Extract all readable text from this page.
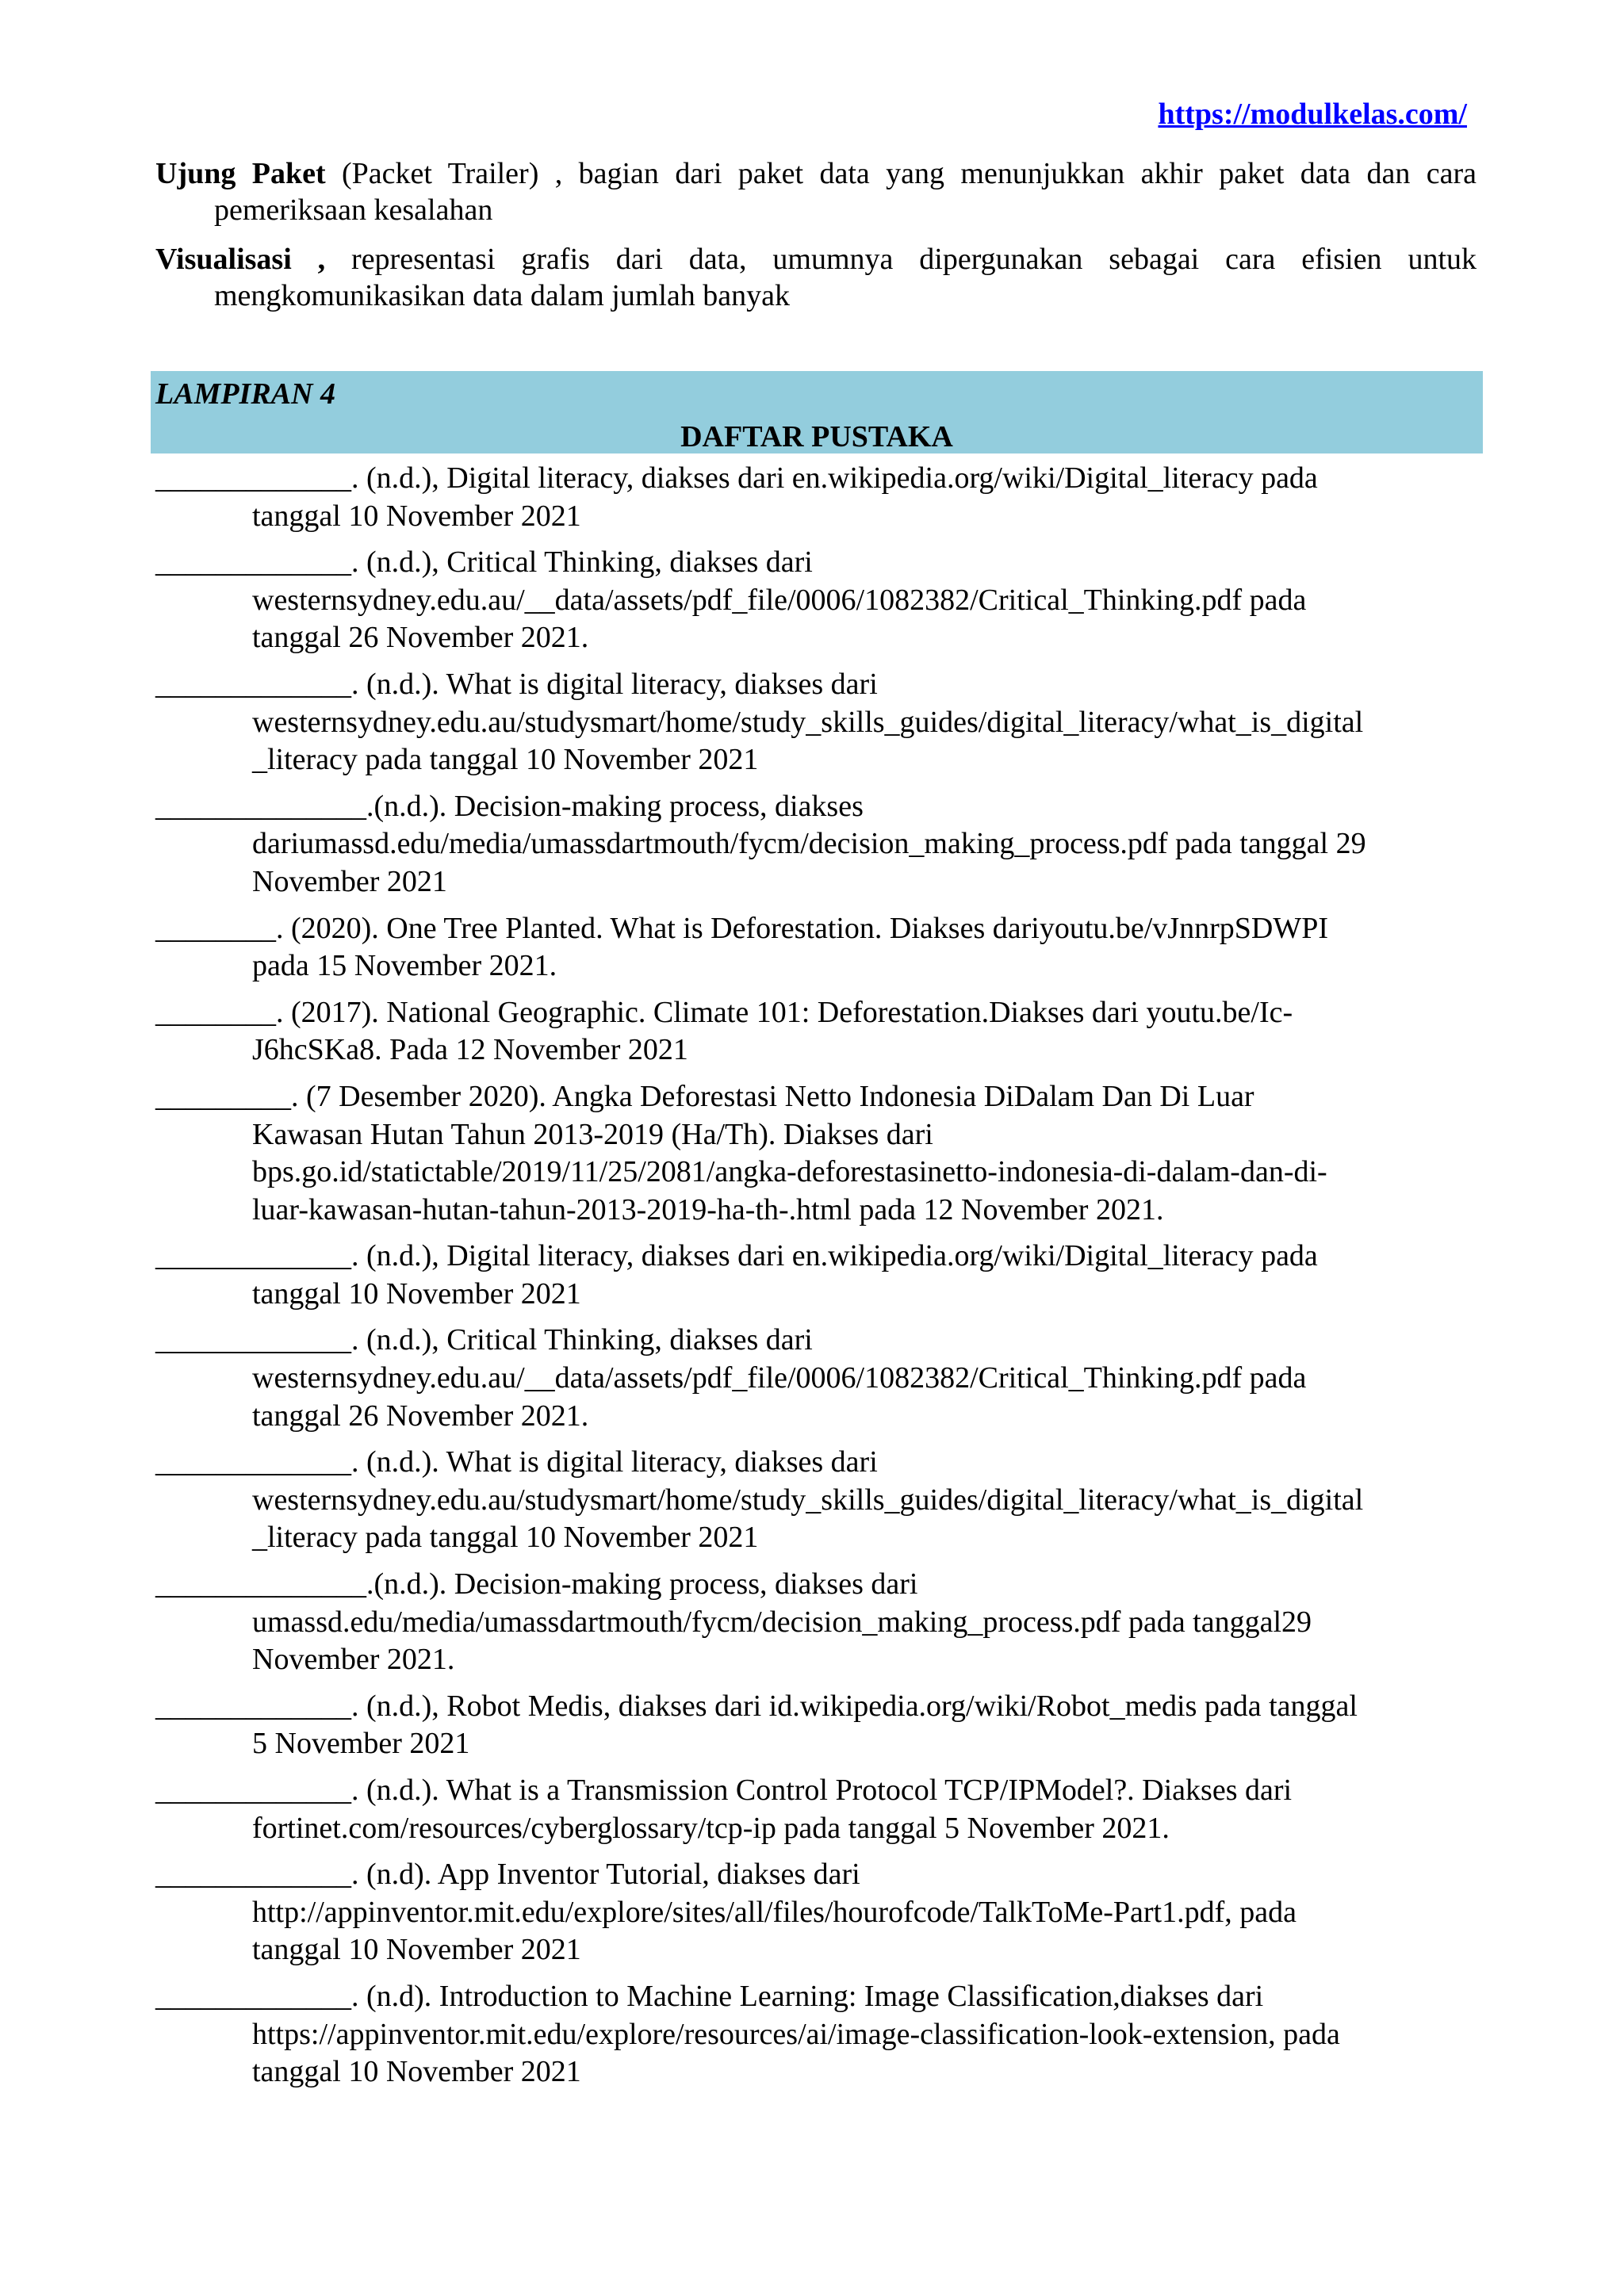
https://modulkelas.com/
Ujung Paket (Packet Trailer) , bagian dari paket data yang menunjukkan akhir paket data dan cara
pemeriksaan kesalahan
Visualisasi , representasi grafis dari data, umumnya dipergunakan sebagai cara efisien untuk
mengkomunikasikan data dalam jumlah banyak
LAMPIRAN 4
DAFTAR PUSTAKA
_____________. (n.d.), Digital literacy, diakses dari en.wikipedia.org/wiki/Digital_literacy pada
tanggal 10 November 2021
_____________. (n.d.), Critical Thinking, diakses dari
westernsydney.edu.au/__data/assets/pdf_file/0006/1082382/Critical_Thinking.pdf pada
tanggal 26 November 2021.
_____________. (n.d.). What is digital literacy, diakses dari
westernsydney.edu.au/studysmart/home/study_skills_guides/digital_literacy/what_is_digital
_literacy pada tanggal 10 November 2021
______________.(n.d.). Decision-making process, diakses
dariumassd.edu/media/umassdartmouth/fycm/decision_making_process.pdf pada tanggal 29
November 2021
________. (2020). One Tree Planted. What is Deforestation. Diakses dariyoutu.be/vJnnrpSDWPI
pada 15 November 2021.
________. (2017). National Geographic. Climate 101: Deforestation.Diakses dari youtu.be/Ic-
J6hcSKa8. Pada 12 November 2021
_________. (7 Desember 2020). Angka Deforestasi Netto Indonesia DiDalam Dan Di Luar
Kawasan Hutan Tahun 2013-2019 (Ha/Th). Diakses dari
bps.go.id/statictable/2019/11/25/2081/angka-deforestasinetto-indonesia-di-dalam-dan-di-
luar-kawasan-hutan-tahun-2013-2019-ha-th-.html pada 12 November 2021.
_____________. (n.d.), Digital literacy, diakses dari en.wikipedia.org/wiki/Digital_literacy pada
tanggal 10 November 2021
_____________. (n.d.), Critical Thinking, diakses dari
westernsydney.edu.au/__data/assets/pdf_file/0006/1082382/Critical_Thinking.pdf pada
tanggal 26 November 2021.
_____________. (n.d.). What is digital literacy, diakses dari
westernsydney.edu.au/studysmart/home/study_skills_guides/digital_literacy/what_is_digital
_literacy pada tanggal 10 November 2021
______________.(n.d.). Decision-making process, diakses dari
umassd.edu/media/umassdartmouth/fycm/decision_making_process.pdf pada tanggal29
November 2021.
_____________. (n.d.), Robot Medis, diakses dari id.wikipedia.org/wiki/Robot_medis pada tanggal
5 November 2021
_____________. (n.d.). What is a Transmission Control Protocol TCP/IPModel?. Diakses dari
fortinet.com/resources/cyberglossary/tcp-ip pada tanggal 5 November 2021.
_____________. (n.d). App Inventor Tutorial, diakses dari
http://appinventor.mit.edu/explore/sites/all/files/hourofcode/TalkToMe-Part1.pdf, pada
tanggal 10 November 2021
_____________. (n.d). Introduction to Machine Learning: Image Classification,diakses dari
https://appinventor.mit.edu/explore/resources/ai/image-classification-look-extension, pada
tanggal 10 November 2021
